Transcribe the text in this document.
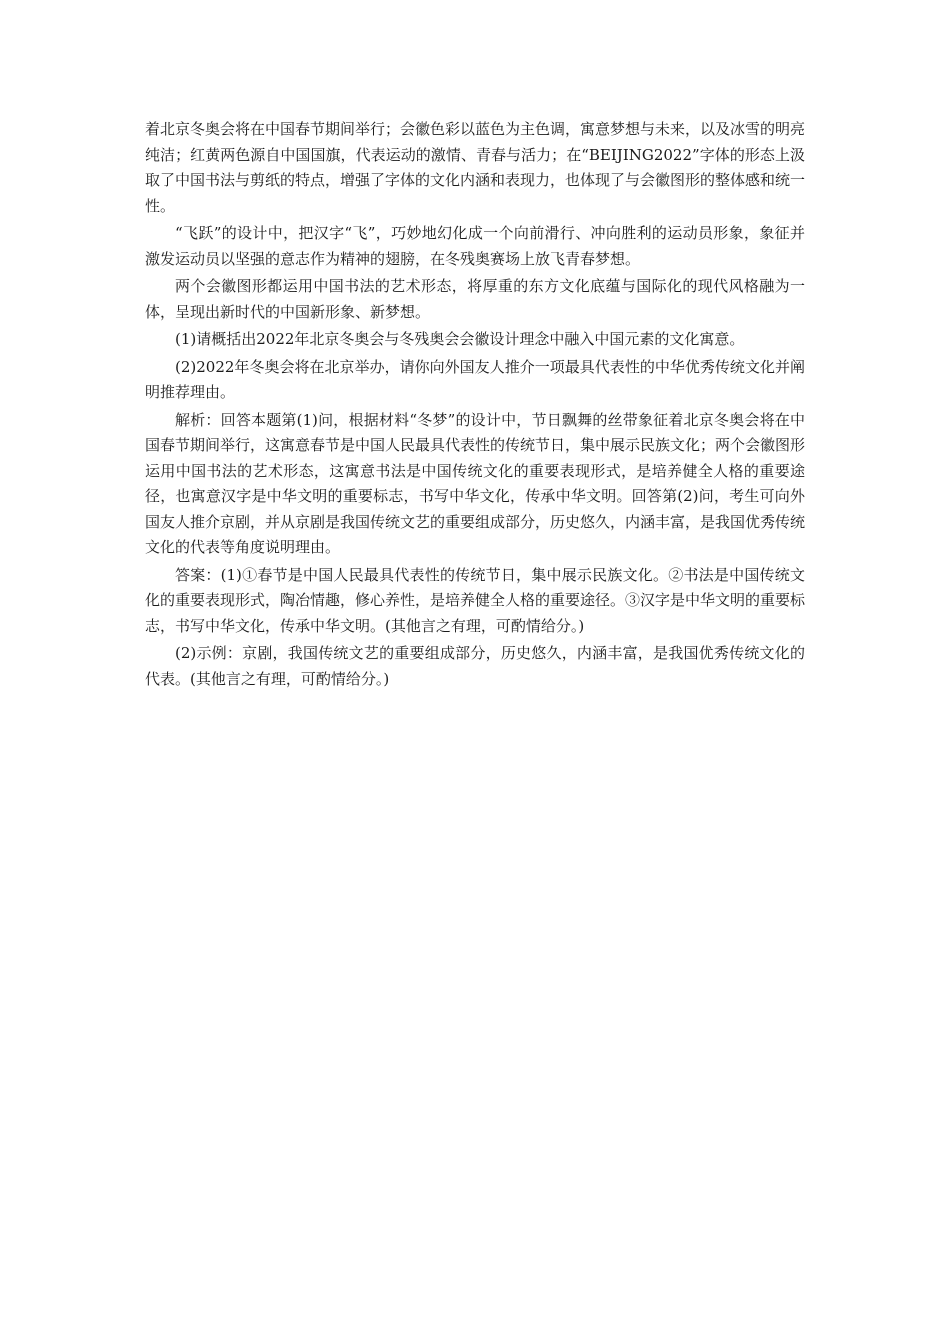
着北京冬奥会将在中国春节期间举行；会徽色彩以蓝色为主色调，寓意梦想与未来，以及冰雪的明亮纯洁；红黄两色源自中国国旗，代表运动的激情、青春与活力；在“BEIJING2022”字体的形态上汲取了中国书法与剪纸的特点，增强了字体的文化内涵和表现力，也体现了与会徽图形的整体感和统一性。

“飞跃”的设计中，把汉字“飞”，巧妙地幻化成一个向前滑行、冲向胜利的运动员形象，象征并激发运动员以坚强的意志作为精神的翅膀，在冬残奥赛场上放飞青春梦想。

两个会徽图形都运用中国书法的艺术形态，将厚重的东方文化底蕴与国际化的现代风格融为一体，呈现出新时代的中国新形象、新梦想。

(1)请概括出2022年北京冬奥会与冬残奥会会徽设计理念中融入中国元素的文化寓意。

(2)2022年冬奥会将在北京举办，请你向外国友人推介一项最具代表性的中华优秀传统文化并阐明推荐理由。

解析：回答本题第(1)问，根据材料“冬梦”的设计中，节日飘舞的丝带象征着北京冬奥会将在中国春节期间举行，这寓意春节是中国人民最具代表性的传统节日，集中展示民族文化；两个会徽图形运用中国书法的艺术形态，这寓意书法是中国传统文化的重要表现形式，是培养健全人格的重要途径，也寓意汉字是中华文明的重要标志，书写中华文化，传承中华文明。回答第(2)问，考生可向外国友人推介京剧，并从京剧是我国传统文艺的重要组成部分，历史悠久，内涵丰富，是我国优秀传统文化的代表等角度说明理由。

答案：(1)①春节是中国人民最具代表性的传统节日，集中展示民族文化。②书法是中国传统文化的重要表现形式，陶冶情趣，修心养性，是培养健全人格的重要途径。③汉字是中华文明的重要标志，书写中华文化，传承中华文明。(其他言之有理，可酌情给分。)

(2)示例：京剧，我国传统文艺的重要组成部分，历史悠久，内涵丰富，是我国优秀传统文化的代表。(其他言之有理，可酌情给分。)
